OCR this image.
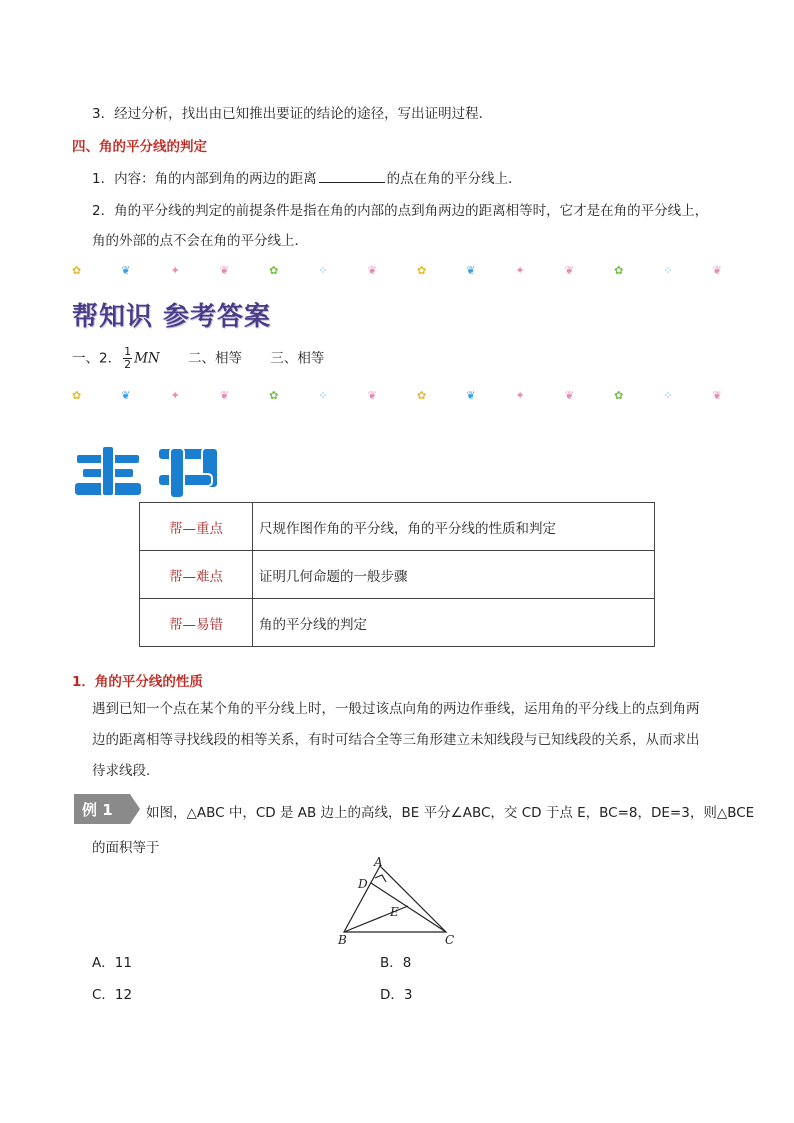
3．经过分析，找出由已知推出要证的结论的途径，写出证明过程．
四、角的平分线的判定
1．内容：角的内部到角的两边的距离	的点在角的平分线上．
2．角的平分线的判定的前提条件是指在角的内部的点到角两边的距离相等时，它才是在角的平分线上，
角的外部的点不会在角的平分线上．
✿	❦	✦	❦	✿	⁘	❦	✿	❦	✦	❦	✿	⁘	❦
帮知识 参考答案
一、2． $\frac{1}{2}$ MN 二、相等 三、相等
✿	❦	✦	❦	✿	⁘	❦	✿	❦	✦	❦	✿	⁘	❦
帮—重点	尺规作图作角的平分线，角的平分线的性质和判定
帮—难点	证明几何命题的一般步骤
帮—易错	角的平分线的判定
1．角的平分线的性质
遇到已知一个点在某个角的平分线上时，一般过该点向角的两边作垂线，运用角的平分线上的点到角两边的距离相等寻找线段的相等关系，有时可结合全等三角形建立未知线段与已知线段的关系，从而求出待求线段．
例 1 如图，△ABC 中，CD 是 AB 边上的高线，BE 平分∠ABC，交 CD 于点 E，BC=8，DE=3，则△BCE
的面积等于
A
D
E
B	C
A．11	B．8
C．12	D．3
